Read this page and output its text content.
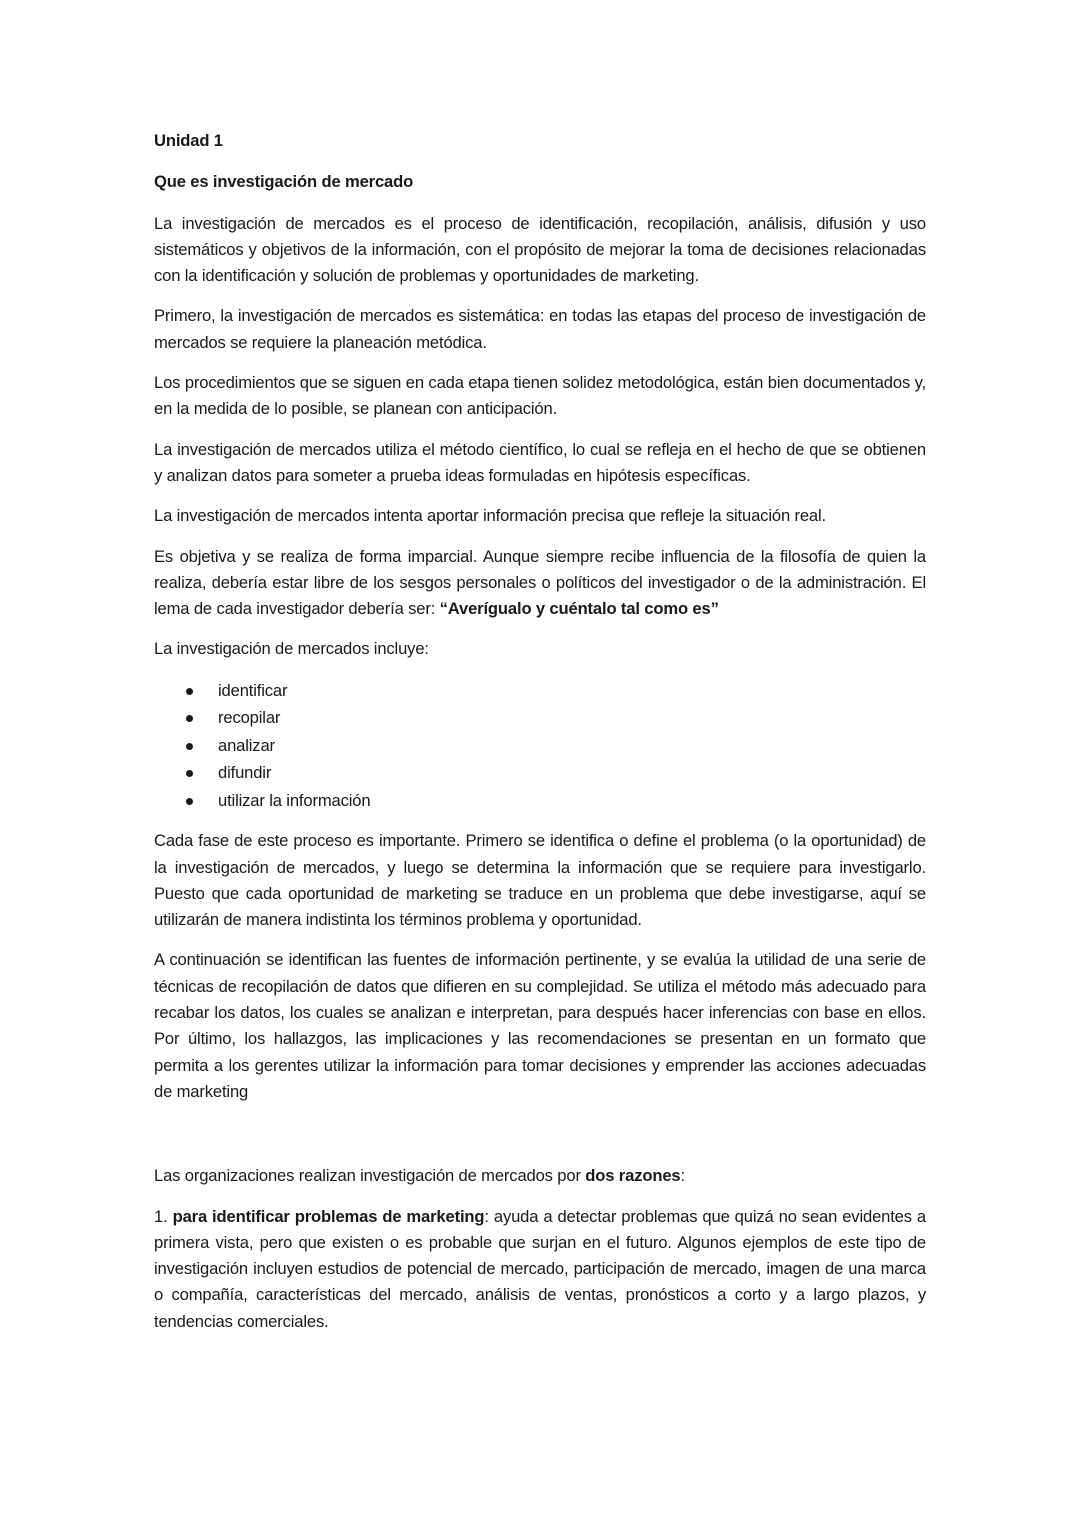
Unidad 1

Que es investigación de mercado

La investigación de mercados es el proceso de identificación, recopilación, análisis, difusión y uso sistemáticos y objetivos de la información, con el propósito de mejorar la toma de decisiones relacionadas con la identificación y solución de problemas y oportunidades de marketing.

Primero, la investigación de mercados es sistemática: en todas las etapas del proceso de investigación de mercados se requiere la planeación metódica.

Los procedimientos que se siguen en cada etapa tienen solidez metodológica, están bien documentados y, en la medida de lo posible, se planean con anticipación.

La investigación de mercados utiliza el método científico, lo cual se refleja en el hecho de que se obtienen y analizan datos para someter a prueba ideas formuladas en hipótesis específicas.

La investigación de mercados intenta aportar información precisa que refleje la situación real.

Es objetiva y se realiza de forma imparcial. Aunque siempre recibe influencia de la filosofía de quien la realiza, debería estar libre de los sesgos personales o políticos del investigador o de la administración. El lema de cada investigador debería ser: “Averígualo y cuéntalo tal como es”

La investigación de mercados incluye:

identificar
recopilar
analizar
difundir
utilizar la información

Cada fase de este proceso es importante. Primero se identifica o define el problema (o la oportunidad) de la investigación de mercados, y luego se determina la información que se requiere para investigarlo. Puesto que cada oportunidad de marketing se traduce en un problema que debe investigarse, aquí se utilizarán de manera indistinta los términos problema y oportunidad.

A continuación se identifican las fuentes de información pertinente, y se evalúa la utilidad de una serie de técnicas de recopilación de datos que difieren en su complejidad. Se utiliza el método más adecuado para recabar los datos, los cuales se analizan e interpretan, para después hacer inferencias con base en ellos. Por último, los hallazgos, las implicaciones y las recomendaciones se presentan en un formato que permita a los gerentes utilizar la información para tomar decisiones y emprender las acciones adecuadas de marketing

Las organizaciones realizan investigación de mercados por dos razones:

1. para identificar problemas de marketing: ayuda a detectar problemas que quizá no sean evidentes a primera vista, pero que existen o es probable que surjan en el futuro. Algunos ejemplos de este tipo de investigación incluyen estudios de potencial de mercado, participación de mercado, imagen de una marca o compañía, características del mercado, análisis de ventas, pronósticos a corto y a largo plazos, y tendencias comerciales.
